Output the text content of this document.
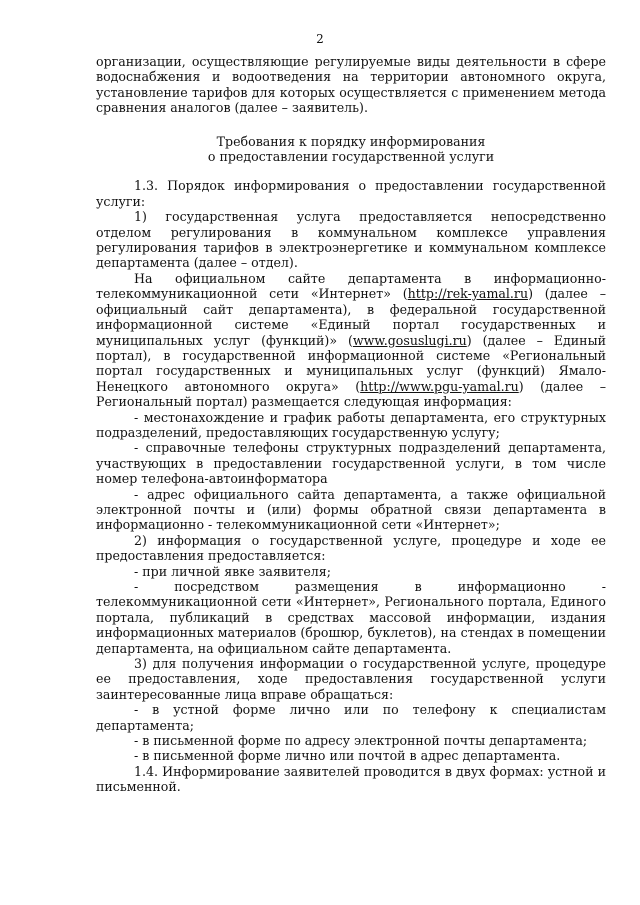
2

организации, осуществляющие регулируемые виды деятельности в сфере водоснабжения и водоотведения на территории автономного округа, установление тарифов для которых осуществляется с применением метода сравнения аналогов (далее – заявитель).

Требования к порядку информирования

о предоставлении государственной услуги

1.3. Порядок информирования о предоставлении государственной услуги:

1) государственная услуга предоставляется непосредственно отделом регулирования в коммунальном комплексе управления регулирования тарифов в электроэнергетике и коммунальном комплексе департамента (далее – отдел).

На официальном сайте департамента в информационно-телекоммуникационной сети «Интернет» (http://rek-yamal.ru) (далее – официальный сайт департамента), в федеральной государственной информационной системе «Единый портал государственных и муниципальных услуг (функций)» (www.gosuslugi.ru) (далее – Единый портал), в государственной информационной системе «Региональный портал государственных и муниципальных услуг (функций) Ямало-Ненецкого автономного округа» (http://www.pgu-yamal.ru) (далее – Региональный портал) размещается следующая информация:

- местонахождение и график работы департамента, его структурных подразделений, предоставляющих государственную услугу;

- справочные телефоны структурных подразделений департамента, участвующих в предоставлении государственной услуги, в том числе номер телефона-автоинформатора

- адрес официального сайта департамента, а также официальной электронной почты и (или) формы обратной связи департамента в информационно - телекоммуникационной сети «Интернет»;

2) информация о государственной услуге, процедуре и ходе ее предоставления предоставляется:

- при личной явке заявителя;

- посредством размещения в информационно - телекоммуникационной сети «Интернет», Регионального портала, Единого портала, публикаций в средствах массовой информации, издания информационных материалов (брошюр, буклетов), на стендах в помещении департамента, на официальном сайте департамента.

3) для получения информации о государственной услуге, процедуре ее предоставления, ходе предоставления государственной услуги заинтересованные лица вправе обращаться:

- в устной форме лично или по телефону к специалистам департамента;

- в письменной форме по адресу электронной почты департамента;

- в письменной форме лично или почтой в адрес департамента.

1.4. Информирование заявителей проводится в двух формах: устной и письменной.
